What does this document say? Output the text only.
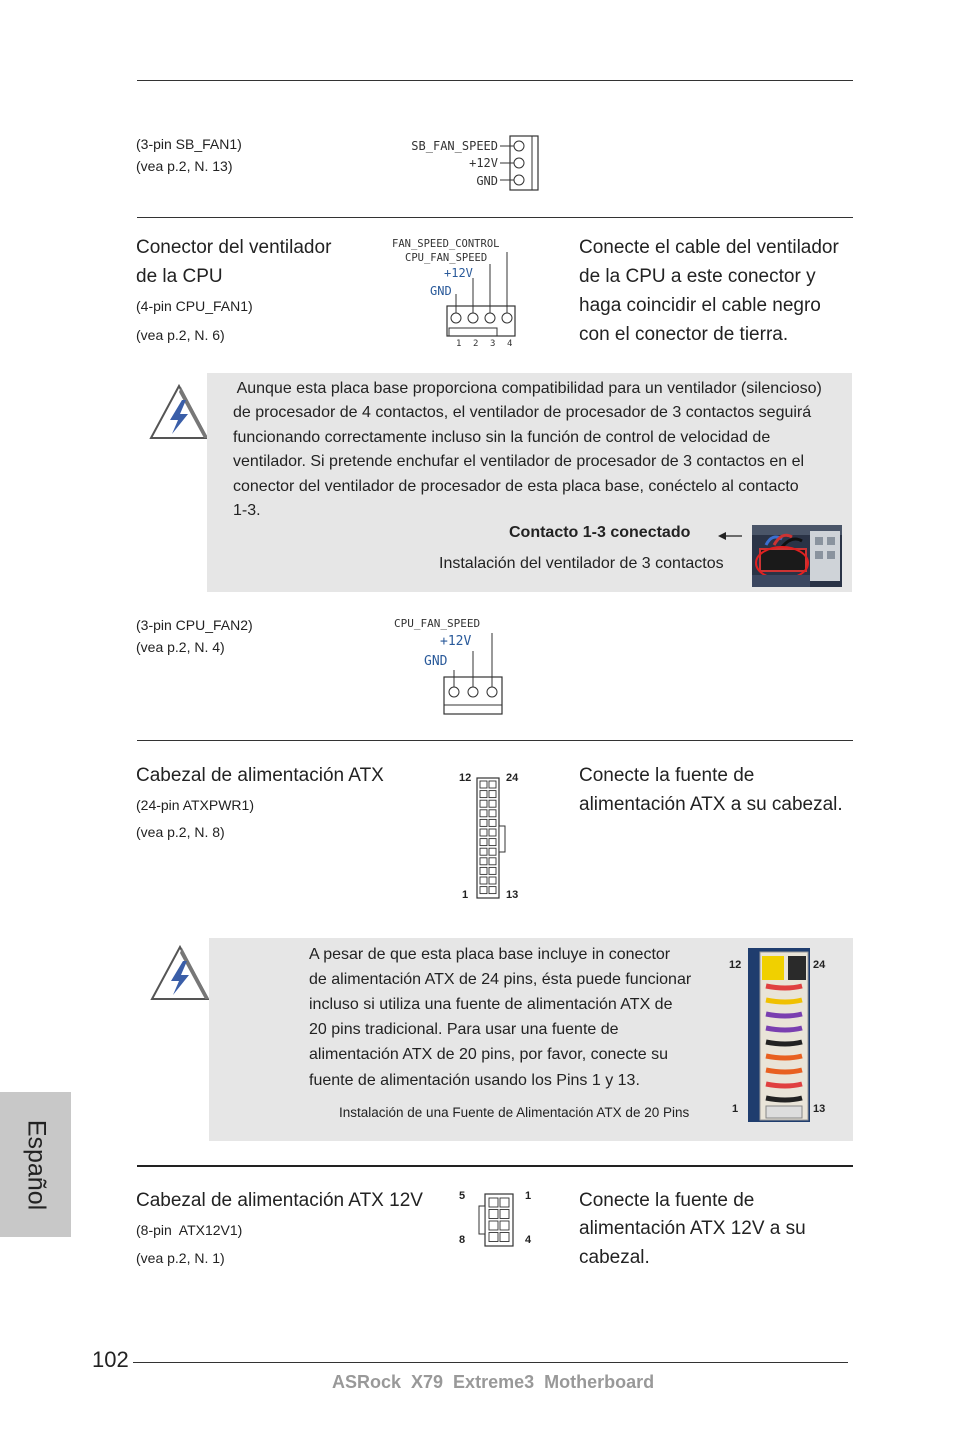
(3-pin SB_FAN1)
(vea p.2, N. 13)
SB_FAN_SPEED
+12V
GND
Conector del ventilador
de la CPU
(4-pin CPU_FAN1)
(vea p.2, N. 6)
FAN_SPEED_CONTROL
CPU_FAN_SPEED
+12V
GND
1 2 3 4
Conecte el cable del ventilador
de la CPU a este conector y
haga coincidir el cable negro
con el conector de tierra.
Aunque esta placa base proporciona compatibilidad para un ventilador (silencioso)
de procesador de 4 contactos, el ventilador de procesador de 3 contactos seguirá
funcionando correctamente incluso sin la función de control de velocidad de
ventilador. Si pretende enchufar el ventilador de procesador de 3 contactos en el
conector del ventilador de procesador de esta placa base, conéctelo al contacto
1-3.
Contacto 1-3 conectado
Instalación del ventilador de 3 contactos
(3-pin CPU_FAN2)
(vea p.2, N. 4)
CPU_FAN_SPEED
+12V
GND
Cabezal de alimentación ATX
(24-pin ATXPWR1)
(vea p.2, N. 8)
12	24
1	13
Conecte la fuente de
alimentación ATX a su cabezal.
A pesar de que esta placa base incluye in conector
de alimentación ATX de 24 pins, ésta puede funcionar
incluso si utiliza una fuente de alimentación ATX de
20 pins tradicional. Para usar una fuente de
alimentación ATX de 20 pins, por favor, conecte su
fuente de alimentación usando los Pins 1 y 13.
Instalación de una Fuente de Alimentación ATX de 20 Pins
12	24
1	13
Cabezal de alimentación ATX 12V
(8-pin  ATX12V1)
(vea p.2, N. 1)
5	1
8	4
Conecte la fuente de
alimentación ATX 12V a su
cabezal.
Español
102
ASRock  X79  Extreme3  Motherboard
